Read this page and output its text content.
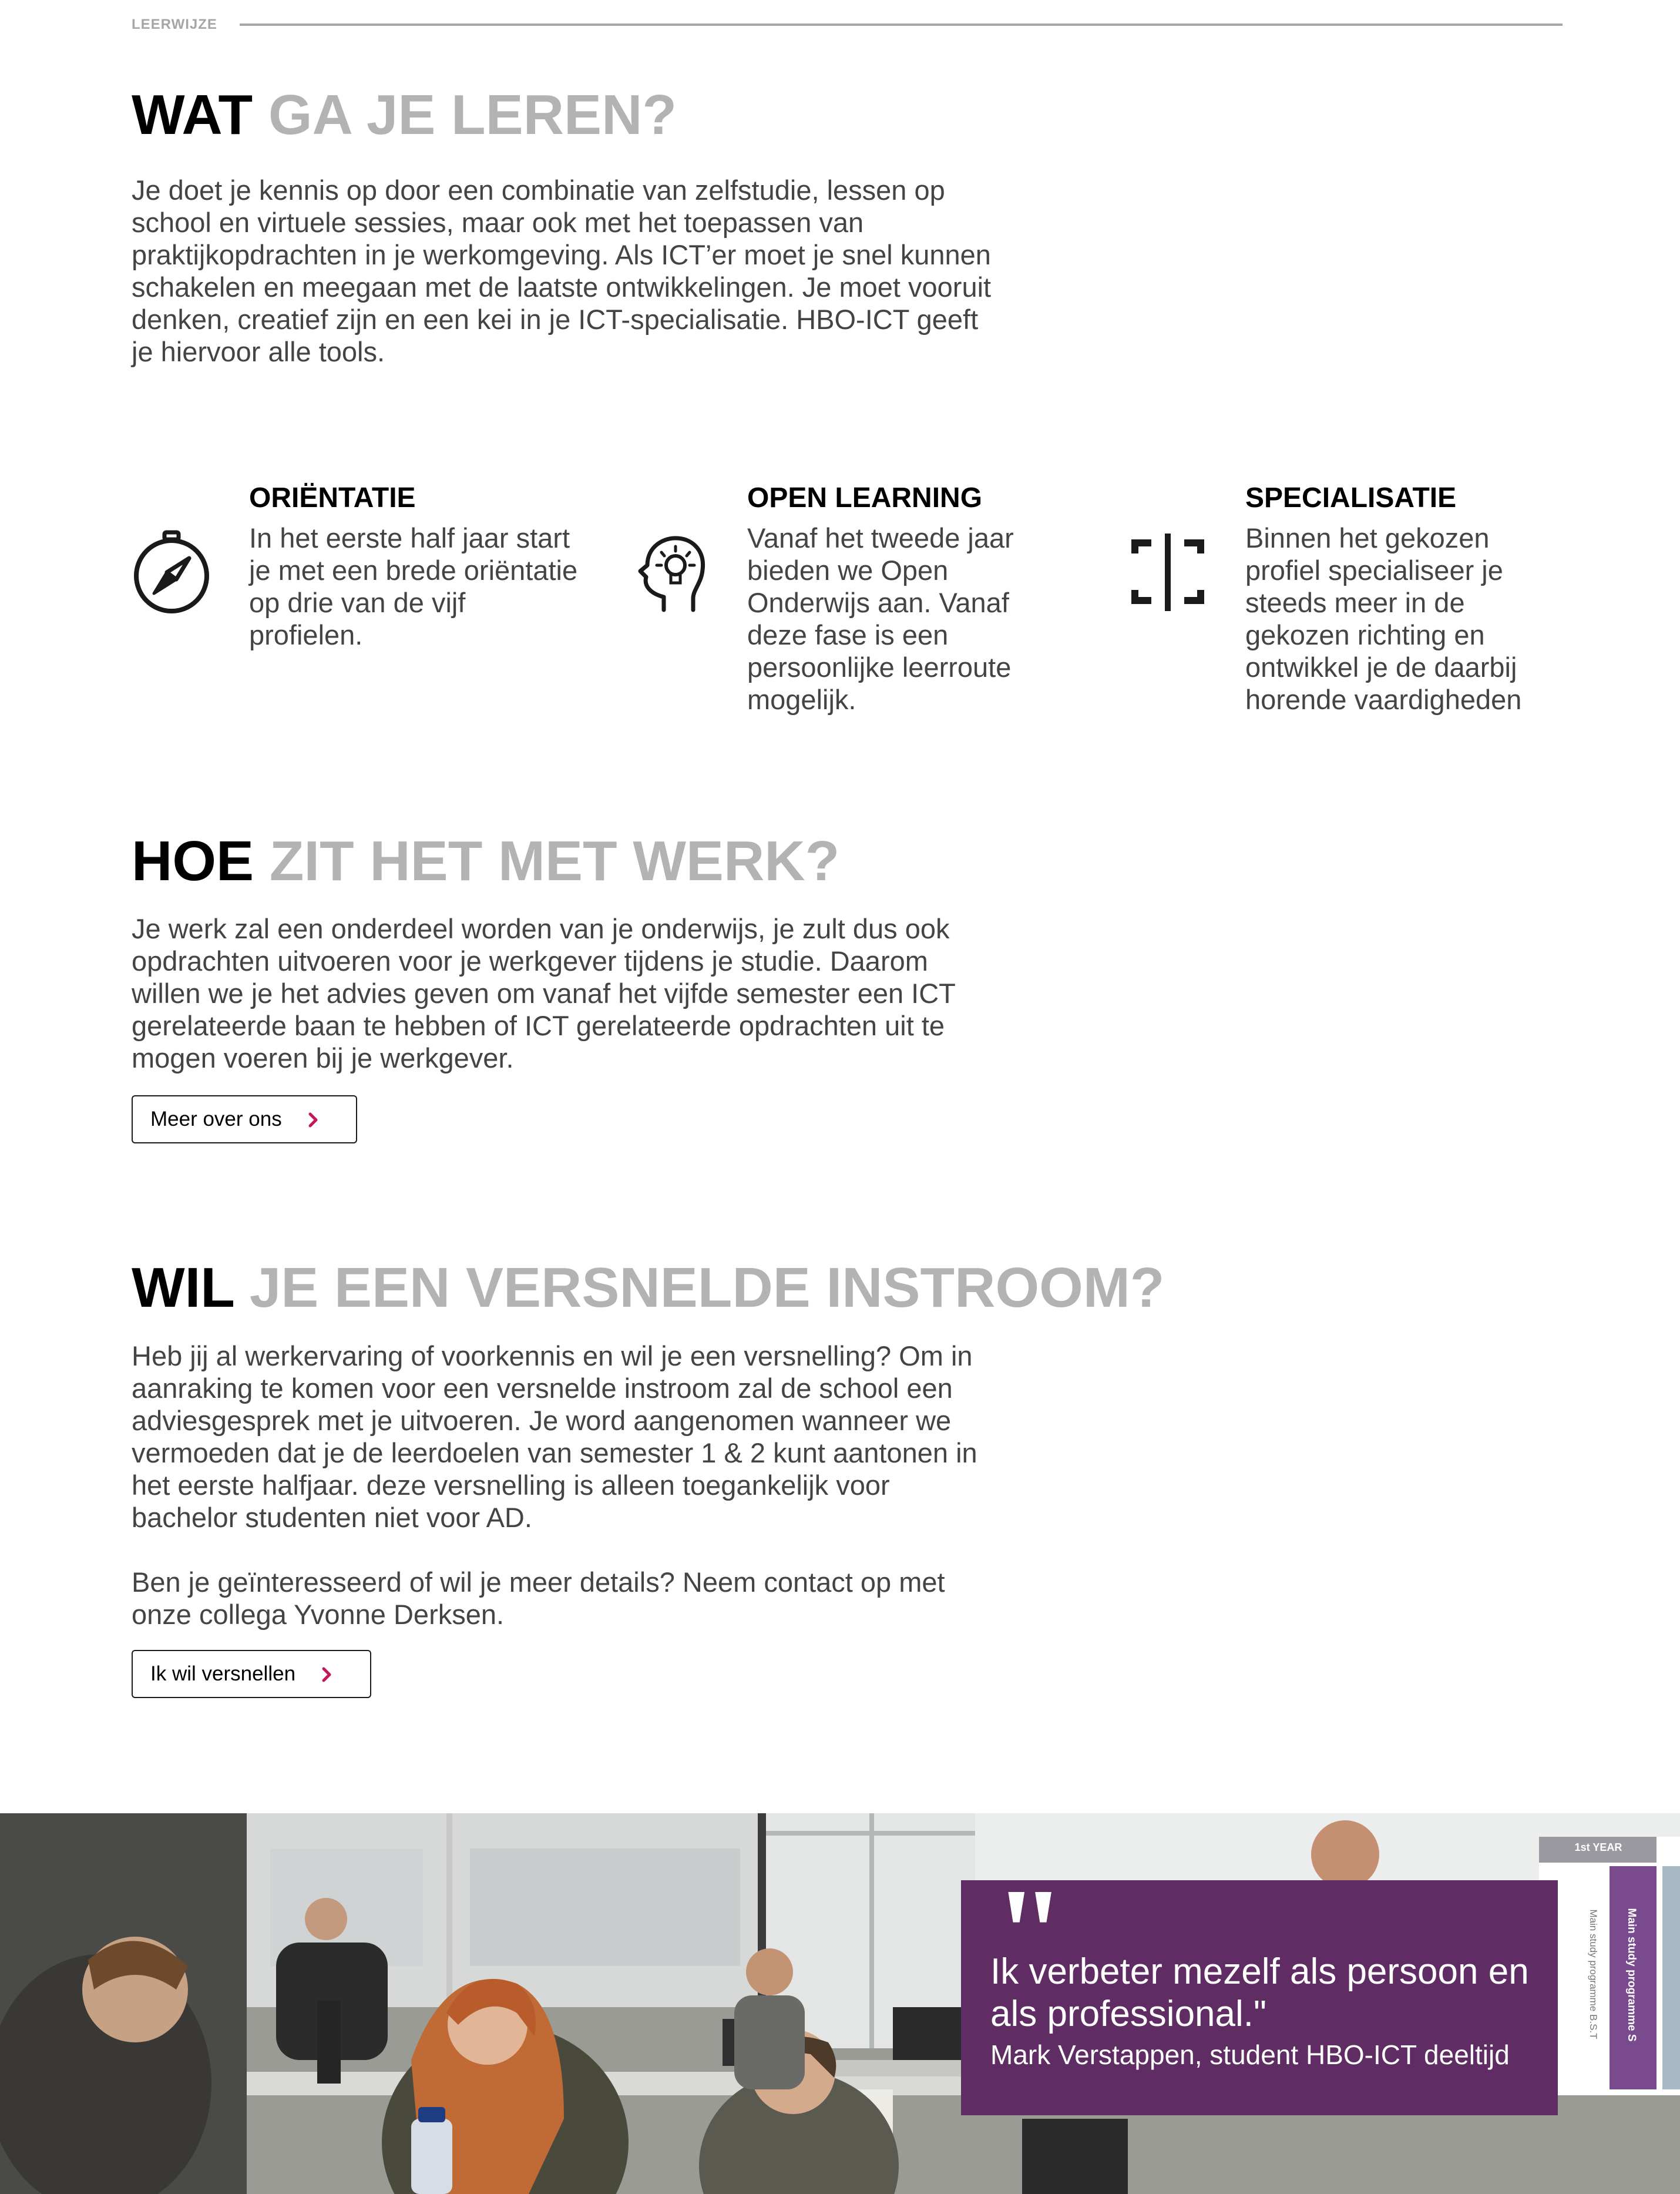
LEERWIJZE
WAT GA JE LEREN?

Je doet je kennis op door een combinatie van zelfstudie, lessen op school en virtuele sessies, maar ook met het toepassen van praktijkopdrachten in je werkomgeving. Als ICT’er moet je snel kunnen schakelen en meegaan met de laatste ontwikkelingen. Je moet vooruit denken, creatief zijn en een kei in je ICT-specialisatie. HBO-ICT geeft je hiervoor alle tools.

ORIËNTATIE

In het eerste half jaar start je met een brede oriëntatie op drie van de vijf profielen.

OPEN LEARNING

Vanaf het tweede jaar bieden we Open Onderwijs aan. Vanaf deze fase is een persoonlijke leerroute mogelijk.

SPECIALISATIE

Binnen het gekozen profiel specialiseer je steeds meer in de gekozen richting en ontwikkel je de daarbij horende vaardigheden

HOE ZIT HET MET WERK?

Je werk zal een onderdeel worden van je onderwijs, je zult dus ook opdrachten uitvoeren voor je werkgever tijdens je studie. Daarom willen we je het advies geven om vanaf het vijfde semester een ICT gerelateerde baan te hebben of ICT gerelateerde opdrachten uit te mogen voeren bij je werkgever.

Meer over ons
WIL JE EEN VERSNELDE INSTROOM?

Heb jij al werkervaring of voorkennis en wil je een versnelling? Om in aanraking te komen voor een versnelde instroom zal de school een adviesgesprek met je uitvoeren. Je word aangenomen wanneer we vermoeden dat je de leerdoelen van semester 1 & 2 kunt aantonen in het eerste halfjaar. deze versnelling is alleen toegankelijk voor bachelor studenten niet voor AD.

Ben je geïnteresseerd of wil je meer details? Neem contact op met onze collega Yvonne Derksen.

Ik wil versnellen
1st YEAR
Main study programme B.S.T Main study programme S
"

Ik verbeter mezelf als persoon en als professional."

Mark Verstappen, student HBO-ICT deeltijd
